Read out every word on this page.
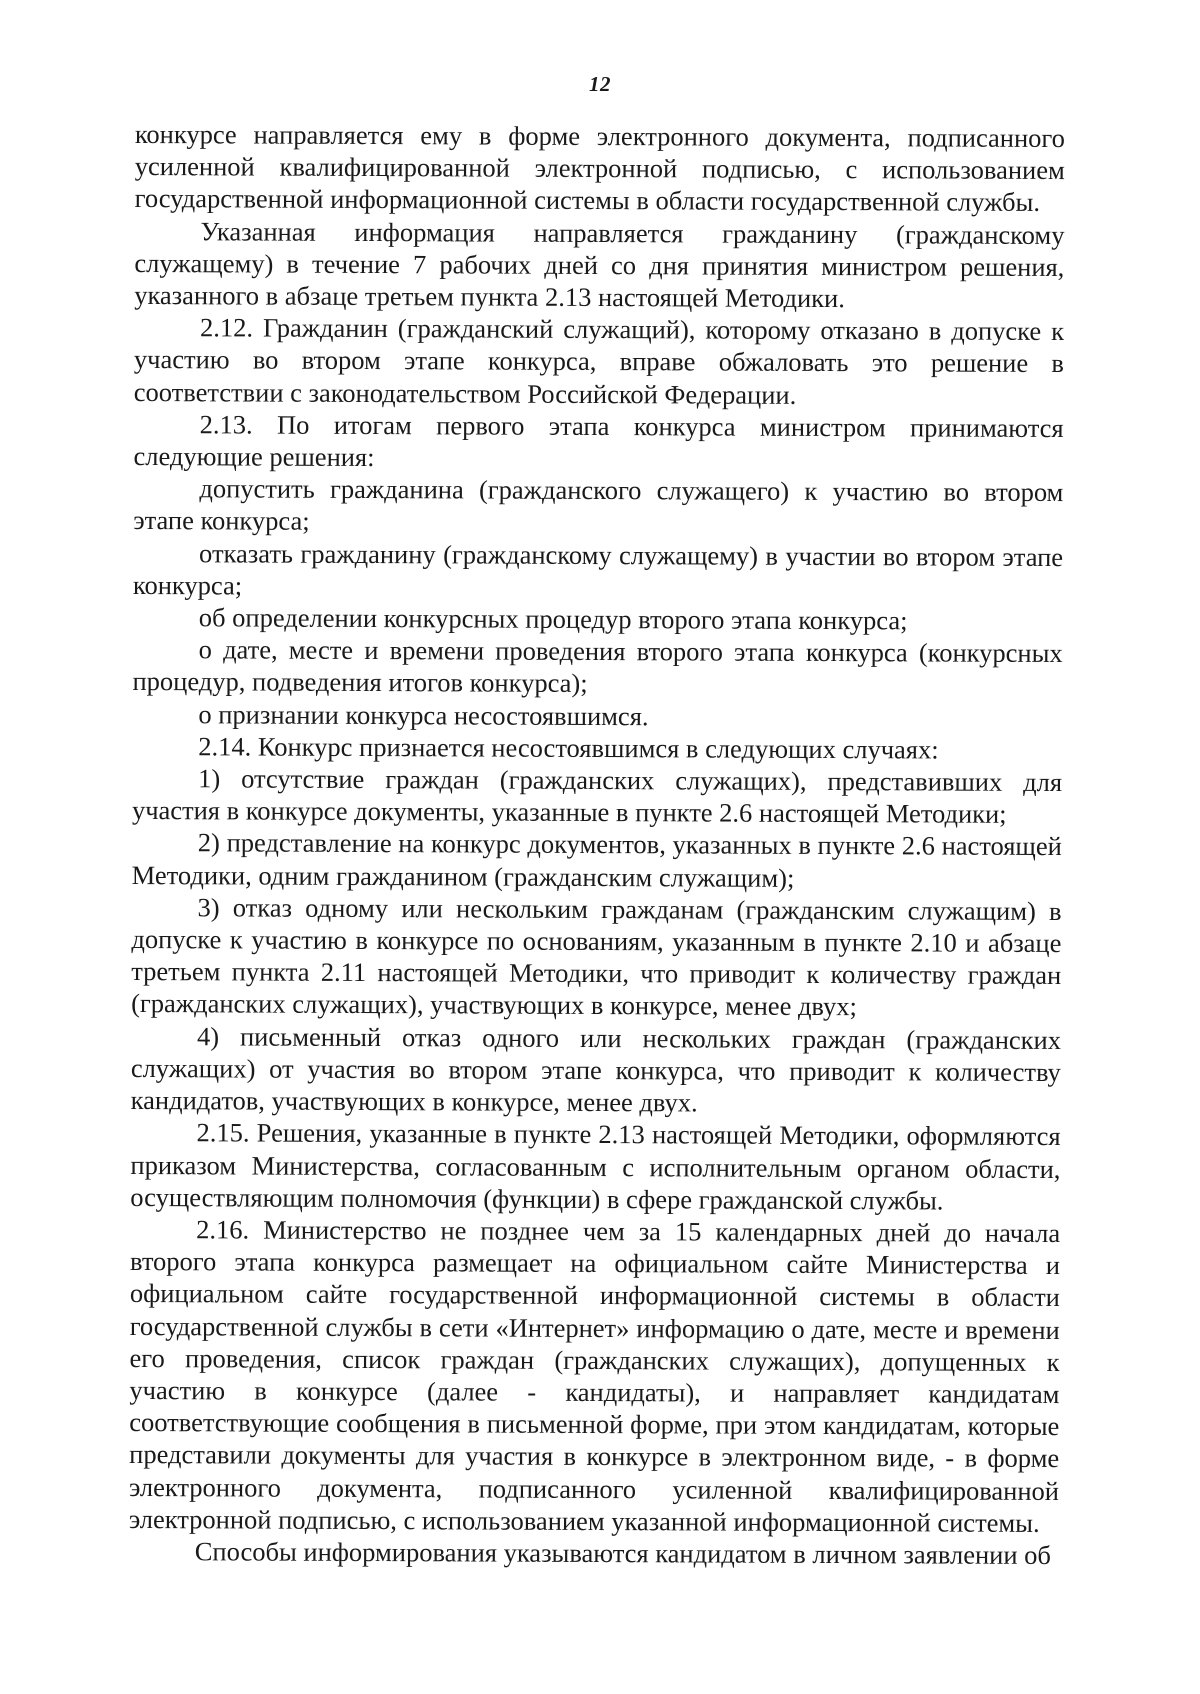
12

конкурсе направляется ему в форме электронного документа, подписанного усиленной квалифицированной электронной подписью, с использованием государственной информационной системы в области государственной службы.

Указанная информация направляется гражданину (гражданскому служащему) в течение 7 рабочих дней со дня принятия министром решения, указанного в абзаце третьем пункта 2.13 настоящей Методики.

2.12. Гражданин (гражданский служащий), которому отказано в допуске к участию во втором этапе конкурса, вправе обжаловать это решение в соответствии с законодательством Российской Федерации.

2.13. По итогам первого этапа конкурса министром принимаются следующие решения:

допустить гражданина (гражданского служащего) к участию во втором этапе конкурса;

отказать гражданину (гражданскому служащему) в участии во втором этапе конкурса;

об определении конкурсных процедур второго этапа конкурса;

о дате, месте и времени проведения второго этапа конкурса (конкурсных процедур, подведения итогов конкурса);

о признании конкурса несостоявшимся.

2.14. Конкурс признается несостоявшимся в следующих случаях:

1) отсутствие граждан (гражданских служащих), представивших для участия в конкурсе документы, указанные в пункте 2.6 настоящей Методики;

2) представление на конкурс документов, указанных в пункте 2.6 настоящей Методики, одним гражданином (гражданским служащим);

3) отказ одному или нескольким гражданам (гражданским служащим) в допуске к участию в конкурсе по основаниям, указанным в пункте 2.10 и абзаце третьем пункта 2.11 настоящей Методики, что приводит к количеству граждан (гражданских служащих), участвующих в конкурсе, менее двух;

4) письменный отказ одного или нескольких граждан (гражданских служащих) от участия во втором этапе конкурса, что приводит к количеству кандидатов, участвующих в конкурсе, менее двух.

2.15. Решения, указанные в пункте 2.13 настоящей Методики, оформляются приказом Министерства, согласованным с исполнительным органом области, осуществляющим полномочия (функции) в сфере гражданской службы.

2.16. Министерство не позднее чем за 15 календарных дней до начала второго этапа конкурса размещает на официальном сайте Министерства и официальном сайте государственной информационной системы в области государственной службы в сети «Интернет» информацию о дате, месте и времени его проведения, список граждан (гражданских служащих), допущенных к участию в конкурсе (далее - кандидаты), и направляет кандидатам соответствующие сообщения в письменной форме, при этом кандидатам, которые представили документы для участия в конкурсе в электронном виде, - в форме электронного документа, подписанного усиленной квалифицированной электронной подписью, с использованием указанной информационной системы.

Способы информирования указываются кандидатом в личном заявлении об
